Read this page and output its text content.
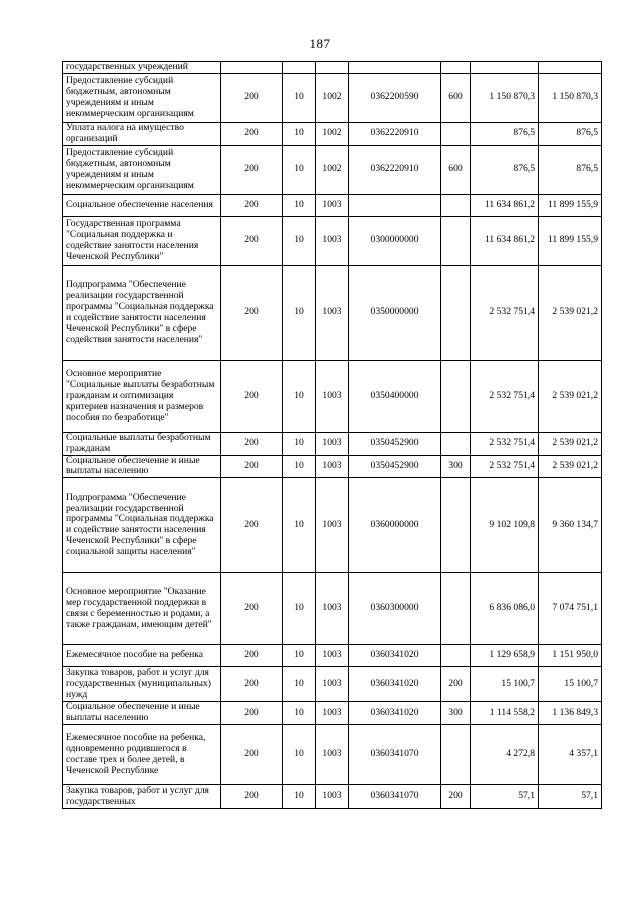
187
государственных учреждений							
Предоставление субсидий бюджетным, автономным учреждениям и иным некоммерческим организациям	200	10	1002	0362200590	600	1 150 870,3	1 150 870,3
Уплата налога на имущество организаций	200	10	1002	0362220910		876,5	876,5
Предоставление субсидий бюджетным, автономным учреждениям и иным некоммерческим организациям	200	10	1002	0362220910	600	876,5	876,5
Социальное обеспечение населения	200	10	1003			11 634 861,2	11 899 155,9
Государственная программа "Социальная поддержка и содействие занятости населения Чеченской Республики"	200	10	1003	0300000000		11 634 861,2	11 899 155,9
Подпрограмма "Обеспечение реализации государственной программы "Социальная поддержка и содействие занятости населения Чеченской Республики" в сфере содействия занятости населения"	200	10	1003	0350000000		2 532 751,4	2 539 021,2
Основное мероприятие "Социальные выплаты безработным гражданам и оптимизация критериев назначения и размеров пособия по безработице"	200	10	1003	0350400000		2 532 751,4	2 539 021,2
Социальные выплаты безработным гражданам	200	10	1003	0350452900		2 532 751,4	2 539 021,2
Социальное обеспечение и иные выплаты населению	200	10	1003	0350452900	300	2 532 751,4	2 539 021,2
Подпрограмма "Обеспечение реализации государственной программы "Социальная поддержка и содействие занятости населения Чеченской Республики" в сфере социальной защиты населения"	200	10	1003	0360000000		9 102 109,8	9 360 134,7
Основное мероприятие "Оказание мер государственной поддержки в связи с беременностью и родами, а также гражданам, имеющим детей"	200	10	1003	0360300000		6 836 086,0	7 074 751,1
Ежемесячное пособие на ребенка	200	10	1003	0360341020		1 129 658,9	1 151 950,0
Закупка товаров, работ и услуг для государственных (муниципальных) нужд	200	10	1003	0360341020	200	15 100,7	15 100,7
Социальное обеспечение и иные выплаты населению	200	10	1003	0360341020	300	1 114 558,2	1 136 849,3
Ежемесячное пособие на ребенка, одновременно родившегося в составе трех и более детей, в Чеченской Республике	200	10	1003	0360341070		4 272,8	4 357,1
Закупка товаров, работ и услуг для государственных	200	10	1003	0360341070	200	57,1	57,1
